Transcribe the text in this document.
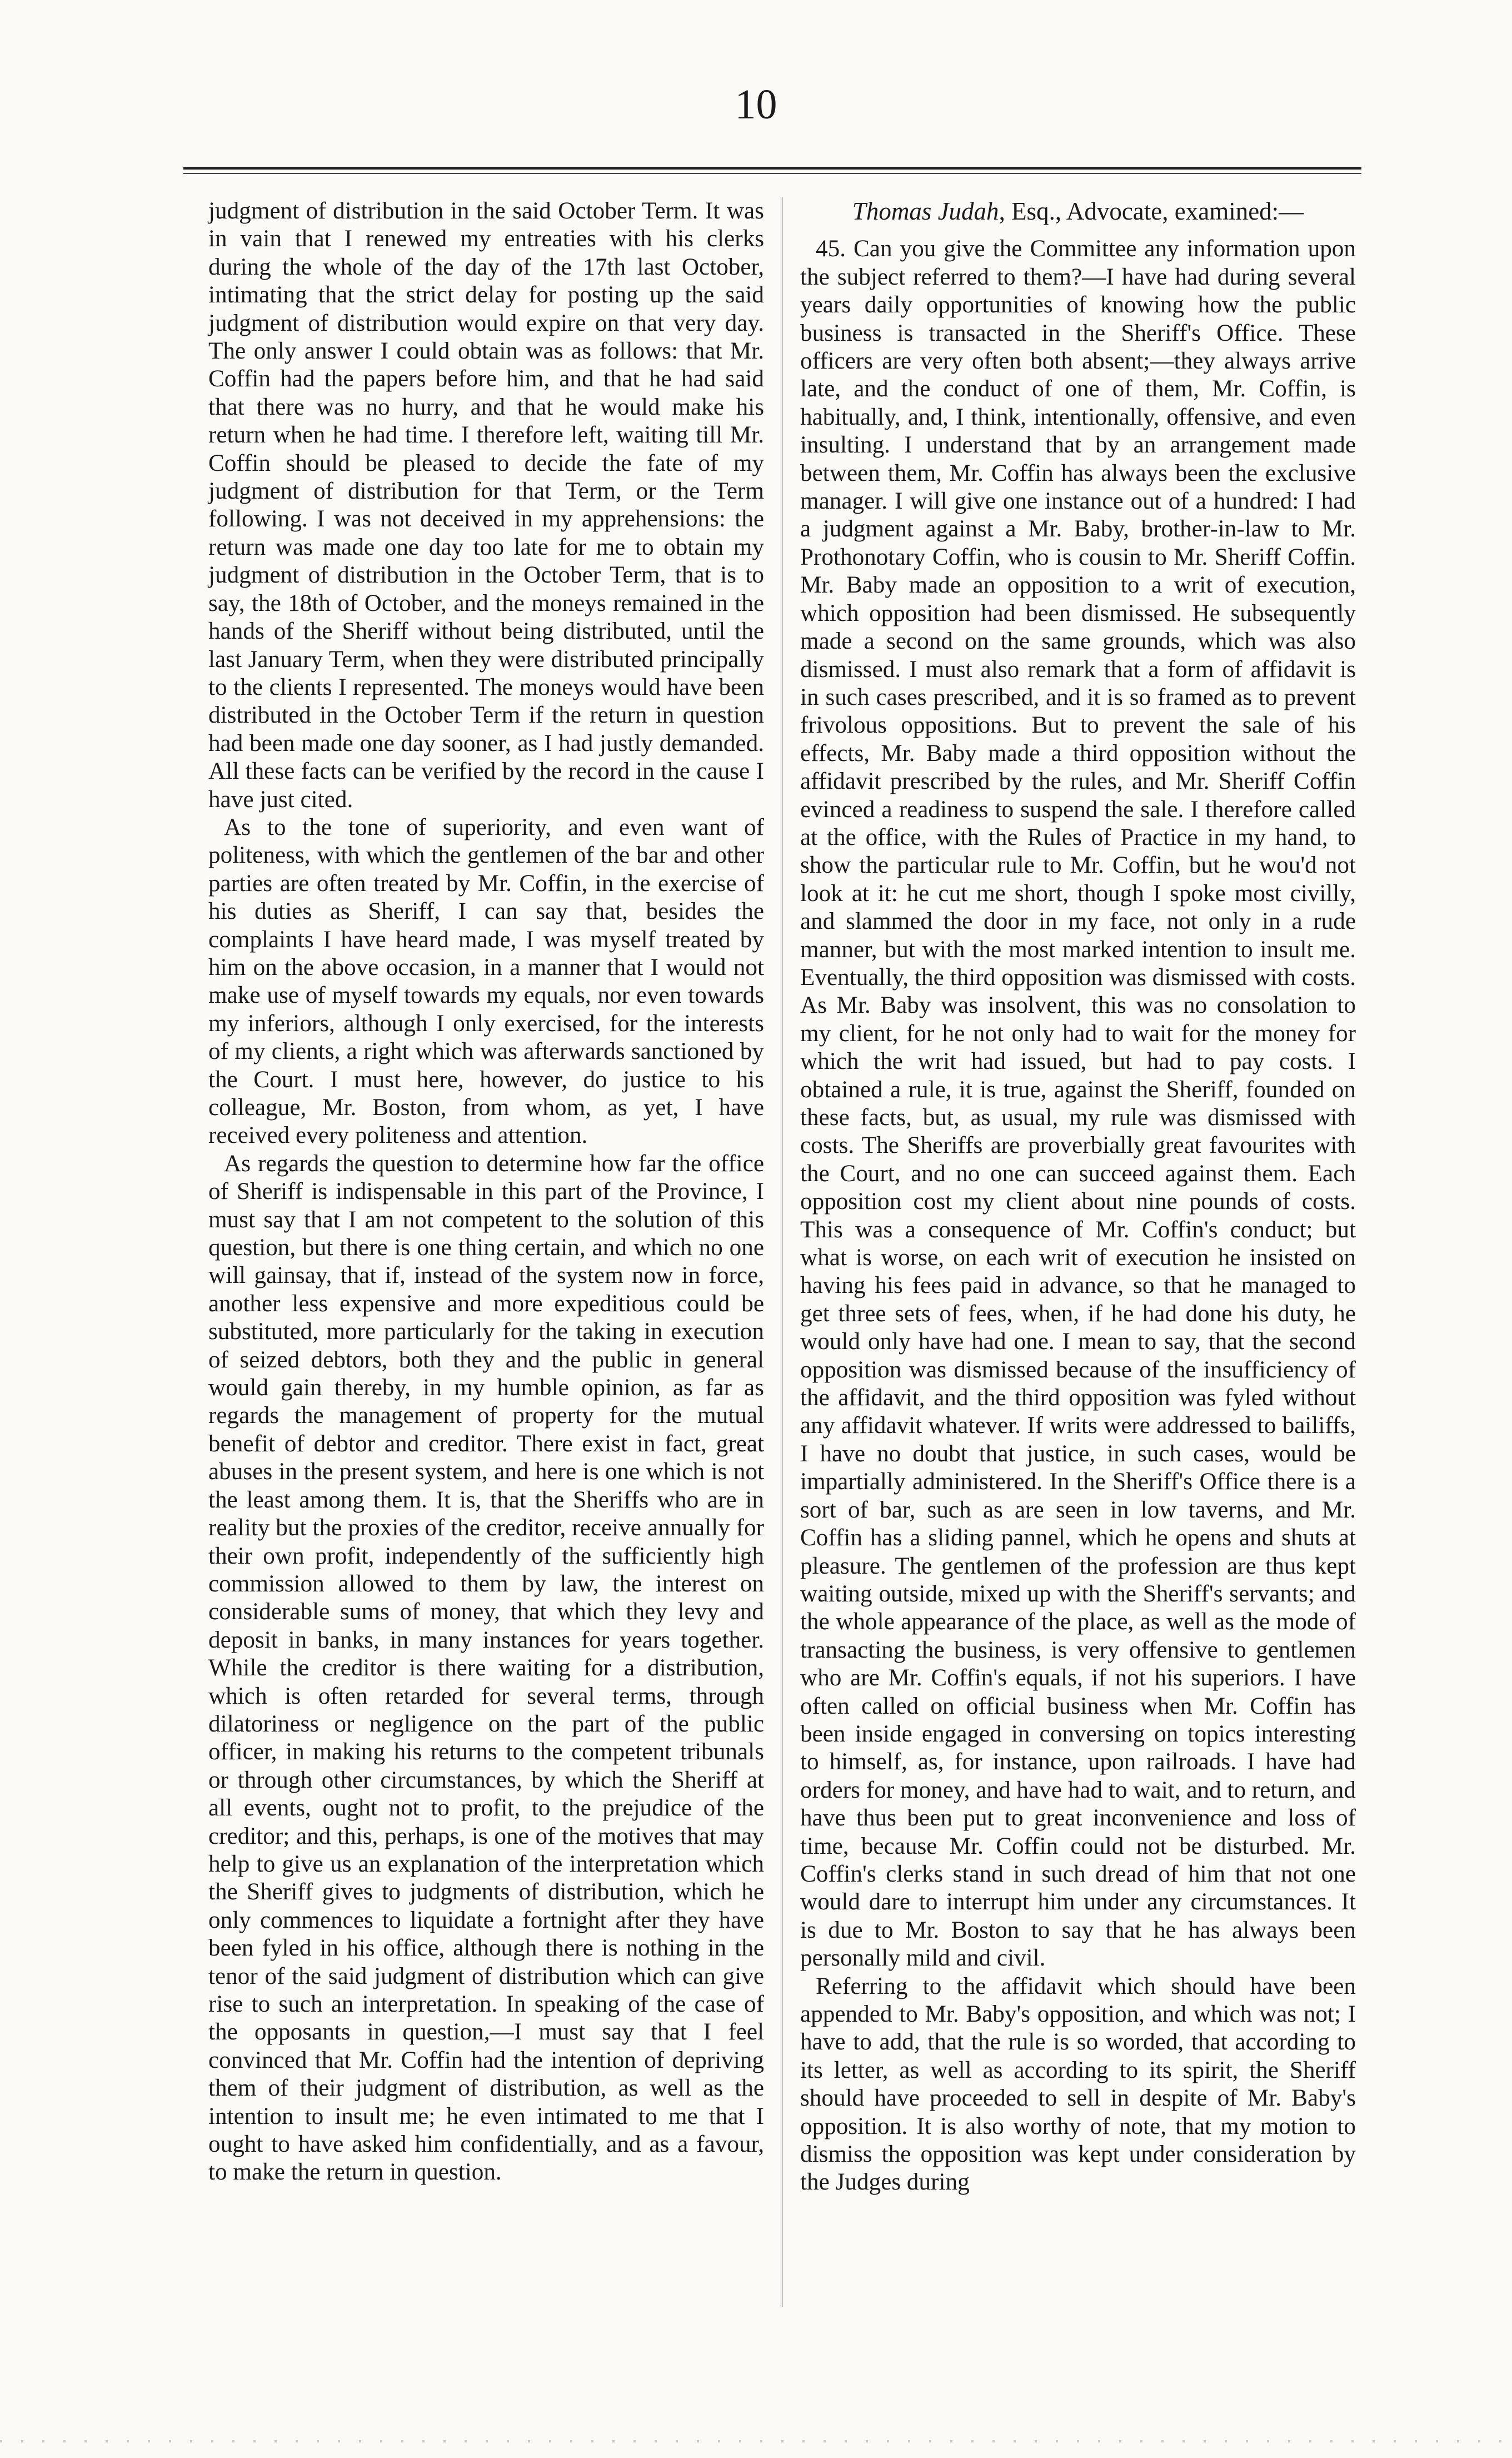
10

judgment of distribution in the said October Term. It was in vain that I renewed my entreaties with his clerks during the whole of the day of the 17th last October, intimating that the strict delay for posting up the said judgment of distribution would expire on that very day. The only answer I could obtain was as follows: that Mr. Coffin had the papers before him, and that he had said that there was no hurry, and that he would make his return when he had time. I therefore left, waiting till Mr. Coffin should be pleased to decide the fate of my judgment of distribution for that Term, or the Term following. I was not deceived in my apprehensions: the return was made one day too late for me to obtain my judgment of distribution in the October Term, that is to say, the 18th of October, and the moneys remained in the hands of the Sheriff without being distributed, until the last January Term, when they were distributed principally to the clients I represented. The moneys would have been distributed in the October Term if the return in question had been made one day sooner, as I had justly demanded. All these facts can be verified by the record in the cause I have just cited.

As to the tone of superiority, and even want of politeness, with which the gentlemen of the bar and other parties are often treated by Mr. Coffin, in the exercise of his duties as Sheriff, I can say that, besides the complaints I have heard made, I was myself treated by him on the above occasion, in a manner that I would not make use of myself towards my equals, nor even towards my inferiors, although I only exercised, for the interests of my clients, a right which was afterwards sanctioned by the Court. I must here, however, do justice to his colleague, Mr. Boston, from whom, as yet, I have received every politeness and attention.

As regards the question to determine how far the office of Sheriff is indispensable in this part of the Province, I must say that I am not competent to the solution of this question, but there is one thing certain, and which no one will gainsay, that if, instead of the system now in force, another less expensive and more expeditious could be substituted, more particularly for the taking in execution of seized debtors, both they and the public in general would gain thereby, in my humble opinion, as far as regards the management of property for the mutual benefit of debtor and creditor. There exist in fact, great abuses in the present system, and here is one which is not the least among them. It is, that the Sheriffs who are in reality but the proxies of the creditor, receive annually for their own profit, independently of the sufficiently high commission allowed to them by law, the interest on considerable sums of money, that which they levy and deposit in banks, in many instances for years together. While the creditor is there waiting for a distribution, which is often retarded for several terms, through dilatoriness or negligence on the part of the public officer, in making his returns to the competent tribunals or through other circumstances, by which the Sheriff at all events, ought not to profit, to the prejudice of the creditor; and this, perhaps, is one of the motives that may help to give us an explanation of the interpretation which the Sheriff gives to judgments of distribution, which he only commences to liquidate a fortnight after they have been fyled in his office, although there is nothing in the tenor of the said judgment of distribution which can give rise to such an interpretation. In speaking of the case of the opposants in question,—I must say that I feel convinced that Mr. Coffin had the intention of depriving them of their judgment of distribution, as well as the intention to insult me; he even intimated to me that I ought to have asked him confidentially, and as a favour, to make the return in question.

Thomas Judah, Esq., Advocate, examined:—

45. Can you give the Committee any information upon the subject referred to them?—I have had during several years daily opportunities of knowing how the public business is transacted in the Sheriff's Office. These officers are very often both absent;—they always arrive late, and the conduct of one of them, Mr. Coffin, is habitually, and, I think, intentionally, offensive, and even insulting. I understand that by an arrangement made between them, Mr. Coffin has always been the exclusive manager. I will give one instance out of a hundred: I had a judgment against a Mr. Baby, brother-in-law to Mr. Prothonotary Coffin, who is cousin to Mr. Sheriff Coffin. Mr. Baby made an opposition to a writ of execution, which opposition had been dismissed. He subsequently made a second on the same grounds, which was also dismissed. I must also remark that a form of affidavit is in such cases prescribed, and it is so framed as to prevent frivolous oppositions. But to prevent the sale of his effects, Mr. Baby made a third opposition without the affidavit prescribed by the rules, and Mr. Sheriff Coffin evinced a readiness to suspend the sale. I therefore called at the office, with the Rules of Practice in my hand, to show the particular rule to Mr. Coffin, but he wou'd not look at it: he cut me short, though I spoke most civilly, and slammed the door in my face, not only in a rude manner, but with the most marked intention to insult me. Eventually, the third opposition was dismissed with costs. As Mr. Baby was insolvent, this was no consolation to my client, for he not only had to wait for the money for which the writ had issued, but had to pay costs. I obtained a rule, it is true, against the Sheriff, founded on these facts, but, as usual, my rule was dismissed with costs. The Sheriffs are proverbially great favourites with the Court, and no one can succeed against them. Each opposition cost my client about nine pounds of costs. This was a consequence of Mr. Coffin's conduct; but what is worse, on each writ of execution he insisted on having his fees paid in advance, so that he managed to get three sets of fees, when, if he had done his duty, he would only have had one. I mean to say, that the second opposition was dismissed because of the insufficiency of the affidavit, and the third opposition was fyled without any affidavit whatever. If writs were addressed to bailiffs, I have no doubt that justice, in such cases, would be impartially administered. In the Sheriff's Office there is a sort of bar, such as are seen in low taverns, and Mr. Coffin has a sliding pannel, which he opens and shuts at pleasure. The gentlemen of the profession are thus kept waiting outside, mixed up with the Sheriff's servants; and the whole appearance of the place, as well as the mode of transacting the business, is very offensive to gentlemen who are Mr. Coffin's equals, if not his superiors. I have often called on official business when Mr. Coffin has been inside engaged in conversing on topics interesting to himself, as, for instance, upon railroads. I have had orders for money, and have had to wait, and to return, and have thus been put to great inconvenience and loss of time, because Mr. Coffin could not be disturbed. Mr. Coffin's clerks stand in such dread of him that not one would dare to interrupt him under any circumstances. It is due to Mr. Boston to say that he has always been personally mild and civil.

Referring to the affidavit which should have been appended to Mr. Baby's opposition, and which was not; I have to add, that the rule is so worded, that according to its letter, as well as according to its spirit, the Sheriff should have proceeded to sell in despite of Mr. Baby's opposition. It is also worthy of note, that my motion to dismiss the opposition was kept under consideration by the Judges during
